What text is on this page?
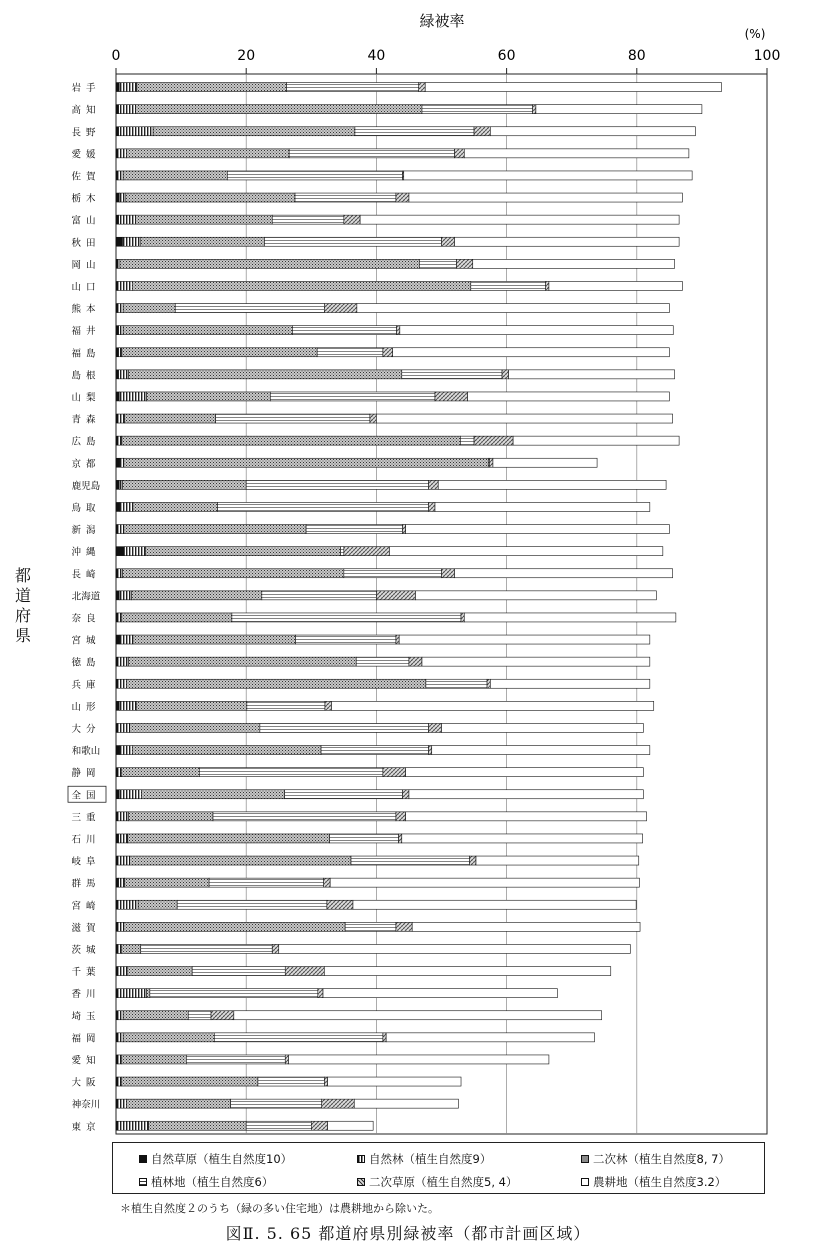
緑被率
(%)
0	20	40	60	80	100
岩手
高知
長野
愛媛
佐賀
栃木
富山
秋田
岡山
山口
熊本
福井
福島
島根
山梨
青森
広島
京都
鹿児島
鳥取
新潟
沖縄
長崎
北海道
奈良
宮城
徳島
兵庫
山形
大分
和歌山
静岡
全国
三重
石川
岐阜
群馬
宮崎
滋賀
茨城
千葉
香川
埼玉
福岡
愛知
大阪
神奈川
東京
都
道
府
県
自然草原（植生自然度10）	自然林（植生自然度9）	二次林（植生自然度8, 7）
植林地（植生自然度6）	二次草原（植生自然度5, 4）	農耕地（植生自然度3.2）
＊植生自然度２のうち（緑の多い住宅地）は農耕地から除いた。
図Ⅱ. 5. 65 都道府県別緑被率（都市計画区域）
